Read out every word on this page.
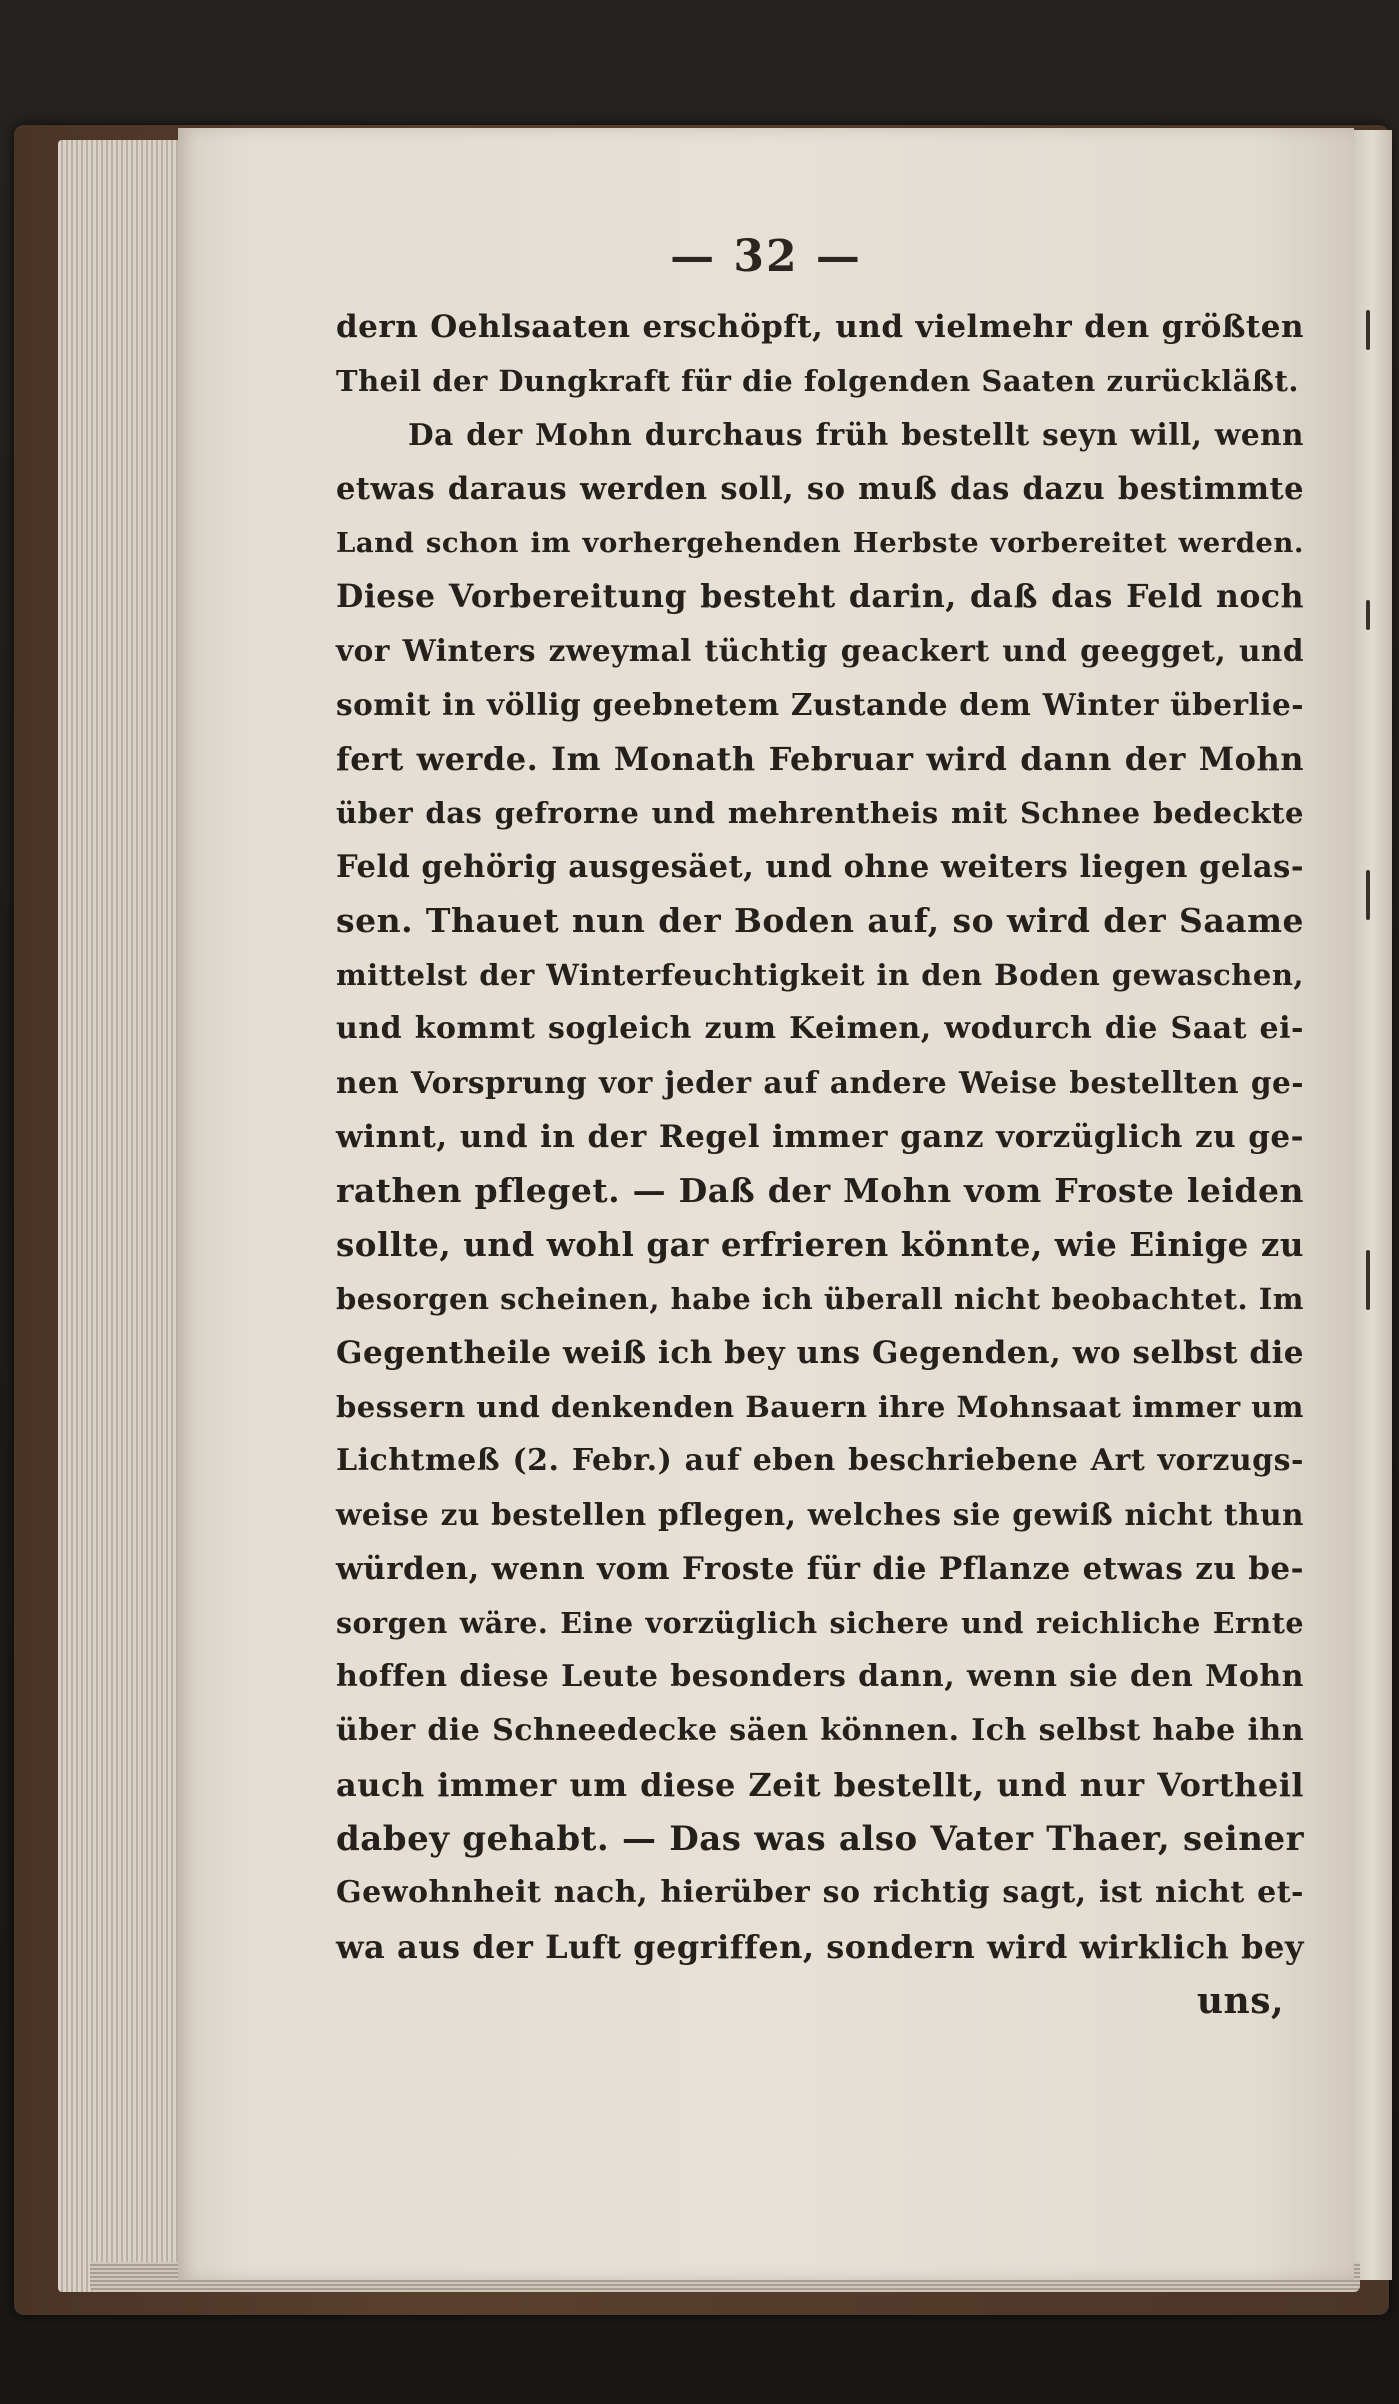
— 32 —
dern Oehlsaaten erschöpft, und vielmehr den größten
Theil der Dungkraft für die folgenden Saaten zurückläßt.
Da der Mohn durchaus früh bestellt seyn will, wenn
etwas daraus werden soll, so muß das dazu bestimmte
Land schon im vorhergehenden Herbste vorbereitet werden.
Diese Vorbereitung besteht darin, daß das Feld noch
vor Winters zweymal tüchtig geackert und geegget, und
somit in völlig geebnetem Zustande dem Winter überlie-
fert werde. Im Monath Februar wird dann der Mohn
über das gefrorne und mehrentheis mit Schnee bedeckte
Feld gehörig ausgesäet, und ohne weiters liegen gelas-
sen. Thauet nun der Boden auf, so wird der Saame
mittelst der Winterfeuchtigkeit in den Boden gewaschen,
und kommt sogleich zum Keimen, wodurch die Saat ei-
nen Vorsprung vor jeder auf andere Weise bestellten ge-
winnt, und in der Regel immer ganz vorzüglich zu ge-
rathen pfleget. — Daß der Mohn vom Froste leiden
sollte, und wohl gar erfrieren könnte, wie Einige zu
besorgen scheinen, habe ich überall nicht beobachtet. Im
Gegentheile weiß ich bey uns Gegenden, wo selbst die
bessern und denkenden Bauern ihre Mohnsaat immer um
Lichtmeß (2. Febr.) auf eben beschriebene Art vorzugs-
weise zu bestellen pflegen, welches sie gewiß nicht thun
würden, wenn vom Froste für die Pflanze etwas zu be-
sorgen wäre. Eine vorzüglich sichere und reichliche Ernte
hoffen diese Leute besonders dann, wenn sie den Mohn
über die Schneedecke säen können. Ich selbst habe ihn
auch immer um diese Zeit bestellt, und nur Vortheil
dabey gehabt. — Das was also Vater Thaer, seiner
Gewohnheit nach, hierüber so richtig sagt, ist nicht et-
wa aus der Luft gegriffen, sondern wird wirklich bey
uns,
